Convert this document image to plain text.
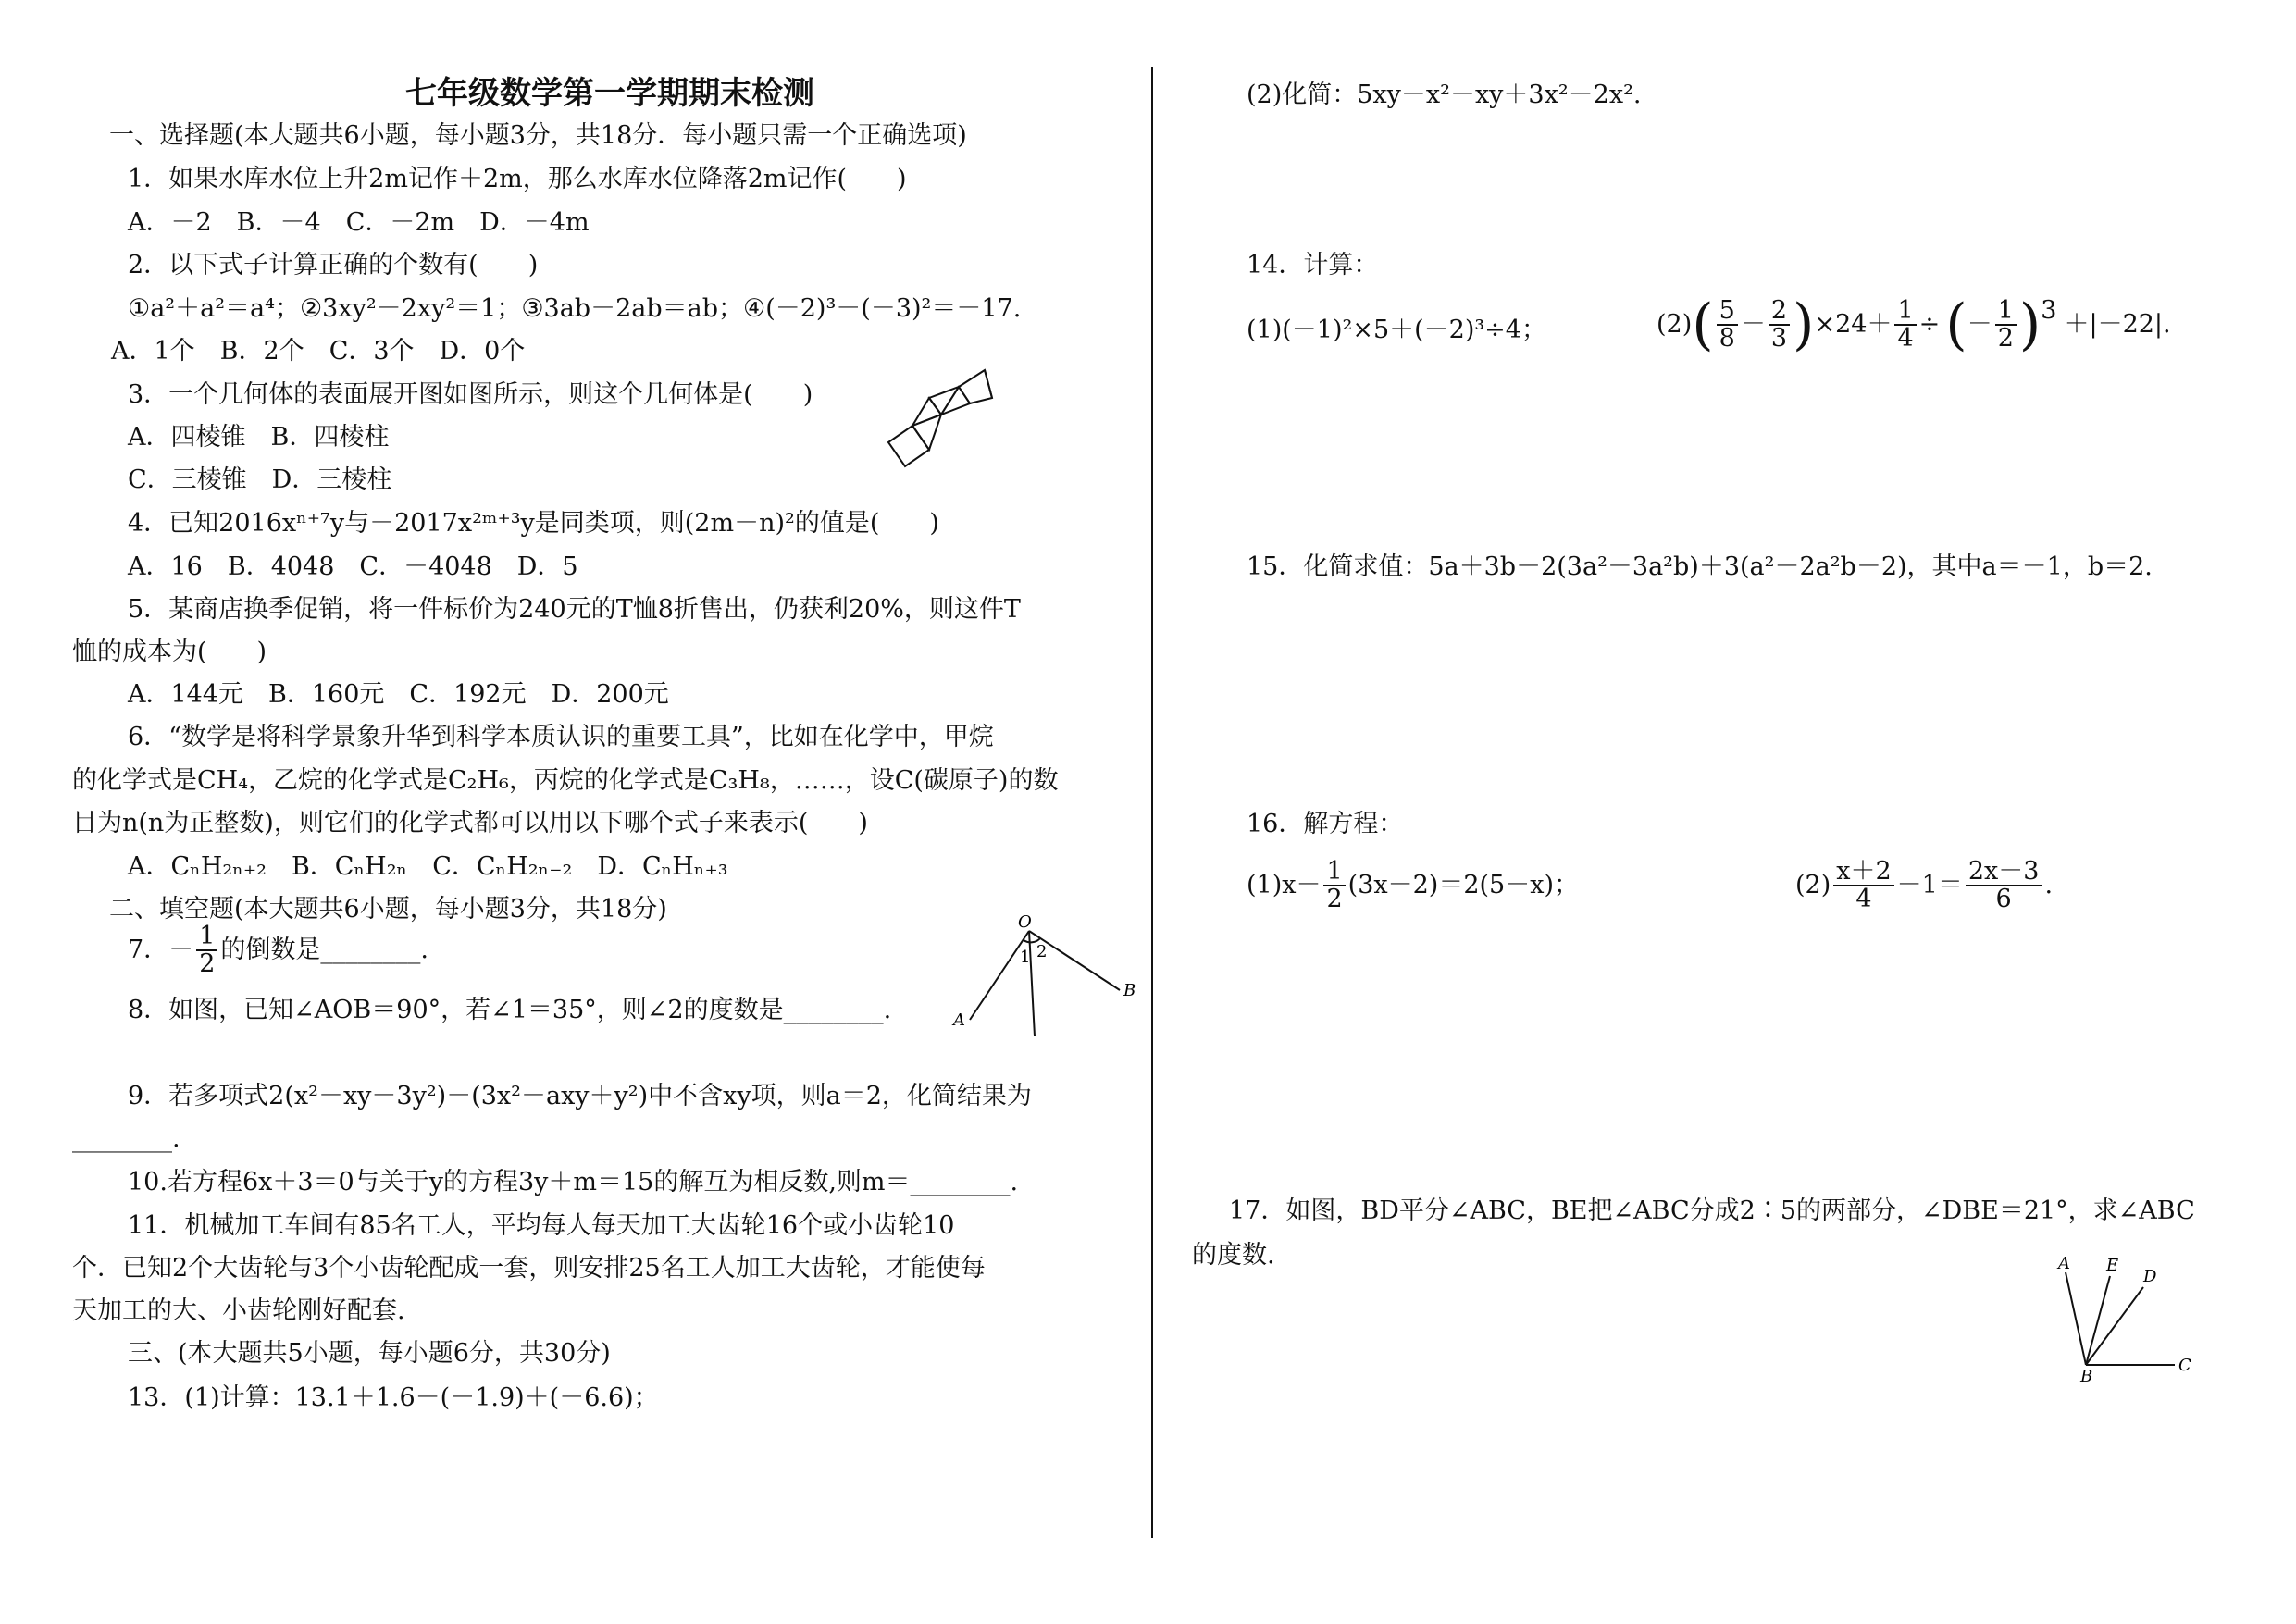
七年级数学第一学期期末检测
一、选择题(本大题共6小题，每小题3分，共18分．每小题只需一个正确选项)
1．如果水库水位上升2m记作＋2m，那么水库水位降落2m记作(　　)
A．－2　B．－4　C．－2m　D．－4m
2．以下式子计算正确的个数有(　　)
①a²＋a²＝a⁴；②3xy²－2xy²＝1；③3ab－2ab＝ab；④(－2)³－(－3)²＝－17.
A．1个　B．2个　C．3个　D．0个
3．一个几何体的表面展开图如图所示，则这个几何体是(　　)
A．四棱锥　B．四棱柱
C．三棱锥　D．三棱柱
4．已知2016xⁿ⁺⁷y与－2017x²ᵐ⁺³y是同类项，则(2m－n)²的值是(　　)
A．16　B．4048　C．－4048　D．5
5．某商店换季促销，将一件标价为240元的T恤8折售出，仍获利20%，则这件T
恤的成本为(　　)
A．144元　B．160元　C．192元　D．200元
6．“数学是将科学景象升华到科学本质认识的重要工具”，比如在化学中，甲烷
的化学式是CH₄，乙烷的化学式是C₂H₆，丙烷的化学式是C₃H₈，……，设C(碳原子)的数
目为n(n为正整数)，则它们的化学式都可以用以下哪个式子来表示(　　)
A．CₙH₂ₙ₊₂　B．CₙH₂ₙ　C．CₙH₂ₙ₋₂　D．CₙHₙ₊₃
二、填空题(本大题共6小题，每小题3分，共18分)
7．－ $\frac{1}{2}$ 的倒数是________.
8．如图，已知∠AOB＝90°，若∠1＝35°，则∠2的度数是________.
O
A
B
1 2
9．若多项式2(x²－xy－3y²)－(3x²－axy＋y²)中不含xy项，则a＝2，化简结果为
________.
10.若方程6x＋3＝0与关于y的方程3y＋m＝15的解互为相反数,则m＝________.
11．机械加工车间有85名工人，平均每人每天加工大齿轮16个或小齿轮10
个．已知2个大齿轮与3个小齿轮配成一套，则安排25名工人加工大齿轮，才能使每
天加工的大、小齿轮刚好配套.
三、(本大题共5小题，每小题6分，共30分)
13．(1)计算：13.1＋1.6－(－1.9)＋(－6.6)；
(2)化简：5xy－x²－xy＋3x²－2x².
14．计算：
(1)(－1)²×5＋(－2)³÷4；	$(2)( \frac{5}{8} - \frac{2}{3} )\times 24+ \frac{1}{4}$ ÷ (－ $\frac{1}{2} )3 +|-22|$.
15．化简求值：5a＋3b－2(3a²－3a²b)＋3(a²－2a²b－2)，其中a＝－1，b＝2.
16．解方程：
$(1)x- \frac{1}{2} (3x-2)=2(5-x)$；	$(2) \frac{x+2}{4} -1= \frac{2x-3}{6}$ .
17．如图，BD平分∠ABC，BE把∠ABC分成2∶5的两部分，∠DBE＝21°，求∠ABC
的度数.	A E
D
B
C
